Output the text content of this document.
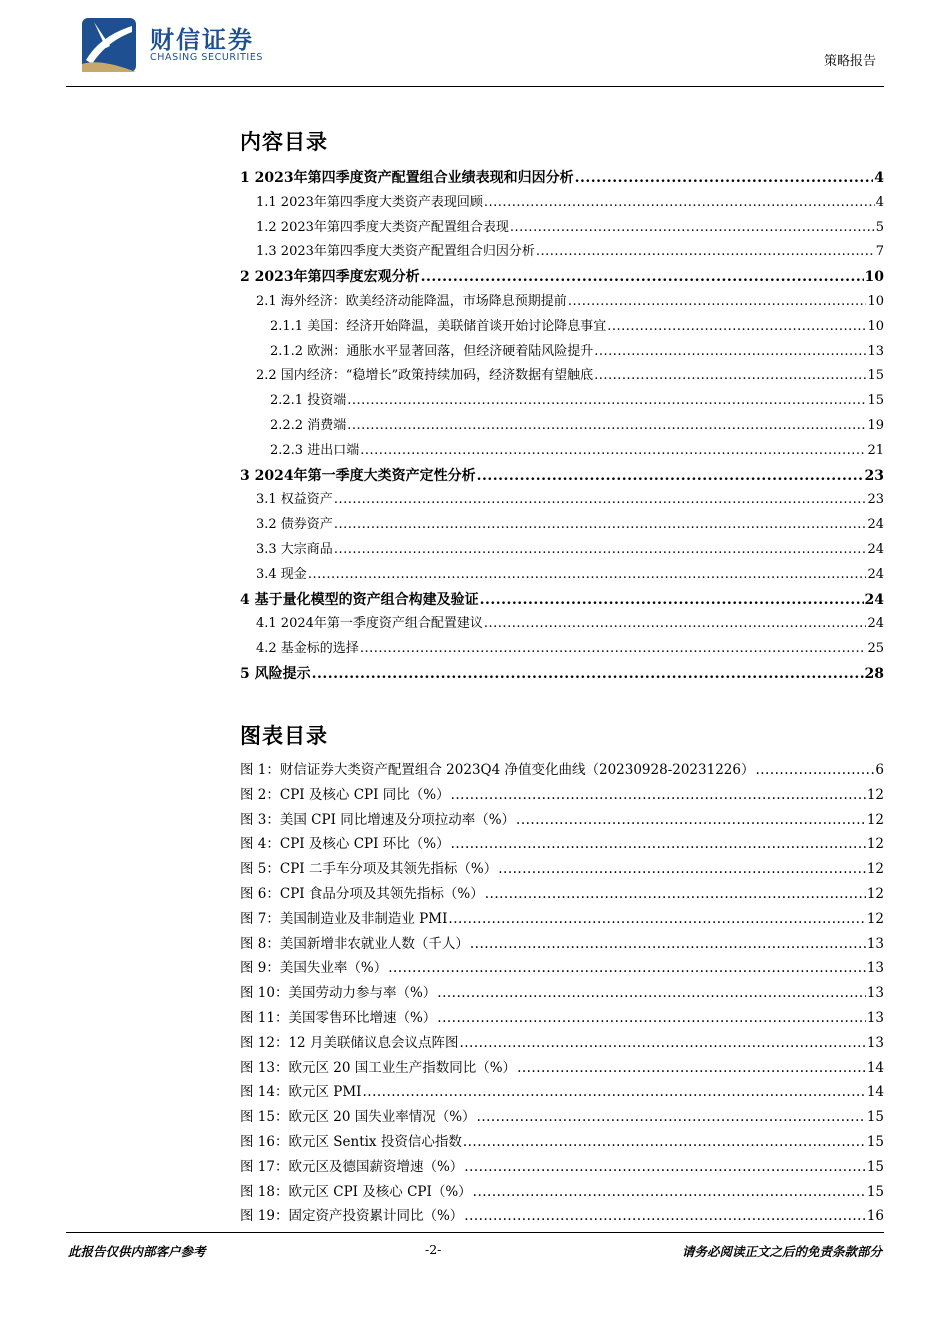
财信证券
CHASING SECURITIES	策略报告
内容目录
1 2023年第四季度资产配置组合业绩表现和归因分析 .....	4
1.1 2023年第四季度大类资产表现回顾 .....	4
1.2 2023年第四季度大类资产配置组合表现 .....	5
1.3 2023年第四季度大类资产配置组合归因分析 .....	7
2 2023年第四季度宏观分析 .....	10
2.1 海外经济：欧美经济动能降温，市场降息预期提前 .....	10
2.1.1 美国：经济开始降温，美联储首谈开始讨论降息事宜 .....	10
2.1.2 欧洲：通胀水平显著回落，但经济硬着陆风险提升 .....	13
2.2 国内经济：“稳增长”政策持续加码，经济数据有望触底 .....	15
2.2.1 投资端 .....	15
2.2.2 消费端 .....	19
2.2.3 进出口端 .....	21
3 2024年第一季度大类资产定性分析 .....	23
3.1 权益资产 .....	23
3.2 债券资产 .....	24
3.3 大宗商品 .....	24
3.4 现金 .....	24
4 基于量化模型的资产组合构建及验证 .....	24
4.1 2024年第一季度资产组合配置建议 .....	24
4.2 基金标的选择 .....	25
5 风险提示 .....	28
图表目录
图 1：财信证券大类资产配置组合 2023Q4 净值变化曲线（20230928-20231226） .....	6
图 2：CPI 及核心 CPI 同比（%） .....	12
图 3：美国 CPI 同比增速及分项拉动率（%） .....	12
图 4：CPI 及核心 CPI 环比（%） .....	12
图 5：CPI 二手车分项及其领先指标（%） .....	12
图 6：CPI 食品分项及其领先指标（%） .....	12
图 7：美国制造业及非制造业 PMI .....	12
图 8：美国新增非农就业人数（千人） .....	13
图 9：美国失业率（%） .....	13
图 10：美国劳动力参与率（%） .....	13
图 11：美国零售环比增速（%） .....	13
图 12：12 月美联储议息会议点阵图 .....	13
图 13：欧元区 20 国工业生产指数同比（%） .....	14
图 14：欧元区 PMI .....	14
图 15：欧元区 20 国失业率情况（%） .....	15
图 16：欧元区 Sentix 投资信心指数 .....	15
图 17：欧元区及德国薪资增速（%） .....	15
图 18：欧元区 CPI 及核心 CPI（%） .....	15
图 19：固定资产投资累计同比（%） .....	16
此报告仅供内部客户参考	-2-	请务必阅读正文之后的免责条款部分
